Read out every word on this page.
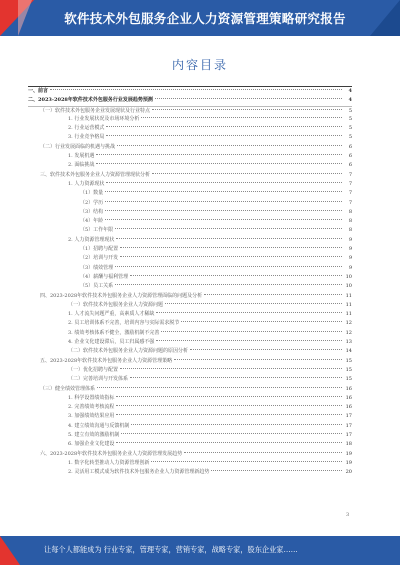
软件技术外包服务企业人力资源管理策略研究报告
内容目录
一、前言	4
二、2023-2028年软件技术外包服务行业发展趋势预测	4
（一）软件技术外包服务企业发展现状及行业特点	5
1. 行业发展状况及市场环境分析	5
2. 行业运营模式	5
3. 行业竞争格局	5
（二）行业发展面临的机遇与挑战	6
1. 发展机遇	6
2. 面临挑战	6
三、软件技术外包服务企业人力资源管理现状分析	7
1. 人力资源现状	7
（1）数量	7
（2）学历	7
（3）结构	8
（4）年龄	8
（5）工作年限	8
2. 人力资源管理现状	9
（1）招聘与配置	9
（2）培训与开发	9
（3）绩效管理	9
（4）薪酬与福利管理	10
（5）员工关系	10
四、2023-2028年软件技术外包服务企业人力资源管理面临的问题及分析	11
（一）软件技术外包服务企业人力资源问题	11
1. 人才流失问题严重，高素质人才稀缺	11
2. 员工培训体系不完善，培训内容与实际需求脱节	12
3. 绩效考核体系不健全，激励机制不完善	12
4. 企业文化建设滞后，员工归属感不强	13
（二）软件技术外包服务企业人力资源问题的原因分析	14
五、2023-2028年软件技术外包服务企业人力资源管理策略	15
（一）优化招聘与配置	15
（二）完善培训与开发体系	15
（三）健全绩效管理体系	16
1. 科学设置绩效指标	16
2. 完善绩效考核流程	16
3. 加强绩效结果应用	17
4. 建立绩效沟通与反馈机制	17
5. 建立有效的激励机制	17
6. 加强企业文化建设	18
六、2023-2028年软件技术外包服务企业人力资源管理发展趋势	19
1. 数字化转型推动人力资源管理创新	19
2. 灵活用工模式成为软件技术外包服务企业人力资源管理新趋势	20
3
让每个人都能成为 行业专家，管理专家，营销专家，战略专家，股东企业家……
